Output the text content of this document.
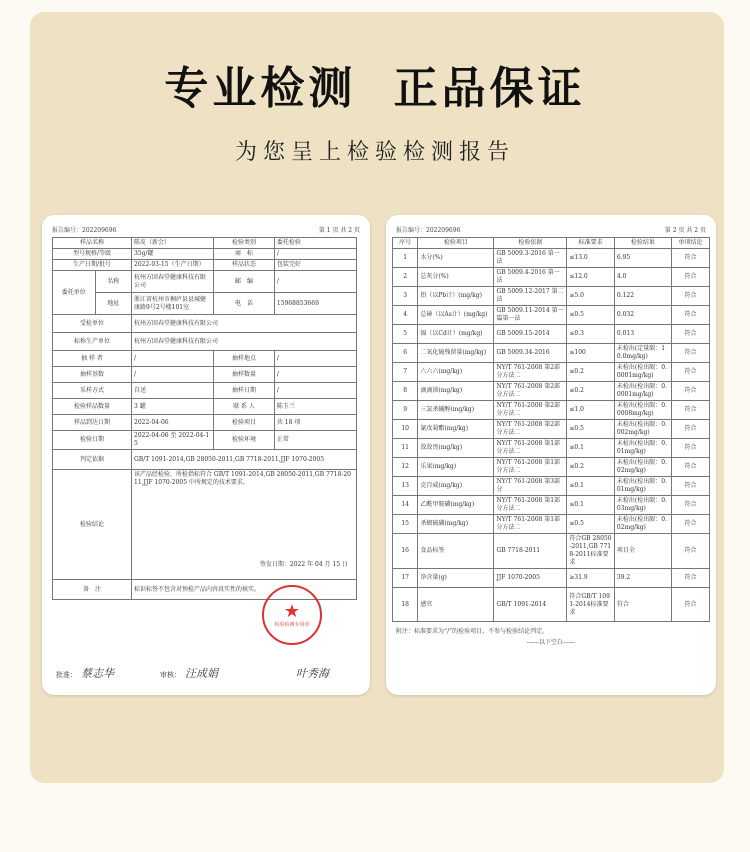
专业检测 正品保证
为您呈上检验检测报告
报告编号：202209696	第 1 页 共 2 页
样品名称		陈皮（新会）	检验类别	委托检验
型号规格/等级		35g/罐	商　标	/
生产日期/批号		2022-03-15（生产日期）	样品状态	包装完好
委托单位	名称	杭州方回春堂健康科技有限公司	邮　编	/
	地址	浙江省杭州市桐庐县县城健康路9号2号楼101室	电　话	15968853669
受检单位		杭州方回春堂健康科技有限公司		
标称生产单位		杭州方回春堂健康科技有限公司		
抽 样 者		/	抽样地点	/
抽样基数		/	抽样数量	/
采样方式		自送	抽样日期	/
检验样品数量		3 罐	联 系 人	陈玉兰
样品到达日期		2022-04-06	检验项目	共 18 项
检验日期		2022-04-06 至 2022-04-15	检验环境	正常
判定依据		GB/T 1091-2014,GB 28050-2011,GB 7718-2011,JJF 1070-2005		
检验结论		该产品经检验，所检指标符合 GB/T 1091-2014,GB 28050-2011,GB 7718-2011,JJF 1070-2005 中所规定的技术要求。
签发日期：2022 年 04 月 15 日		

备　注		标识标签不包含对预检产品内容真实性的核实。		
★
检验检测专用章
批准： 蔡志华	审核： 汪成娟	叶秀海
报告编号：202209696	第 2 页 共 2 页
序号	检验项目	检验依据	标准要求	检验结果	单项结论
1	水分(%)	GB 5009.3-2016 第一法	≤13.0	6.95	符合
2	总灰分(%)	GB 5009.4-2016 第一法	≤12.0	4.0	符合
3	铅（以Pb计）(mg/kg)	GB 5009.12-2017 第二法	≤5.0	0.122	符合
4	总砷（以As计）(mg/kg)	GB 5009.11-2014 第一篇第一法	≤0.5	0.032	符合
5	镉（以Cd计）(mg/kg)	GB 5009.15-2014	≤0.3	0.013	符合
6	二氧化硫残留量(mg/kg)	GB 5009.34-2016	≤100	未检出(定量限：10.0mg/kg)	符合
7	六六六(mg/kg)	NY/T 761-2008 第2部分方法二	≤0.2	未检出(检出限：0.0001mg/kg)	符合
8	滴滴涕(mg/kg)	NY/T 761-2008 第2部分方法二	≤0.2	未检出(检出限：0.0001mg/kg)	符合
9	三氯杀螨醇(mg/kg)	NY/T 761-2008 第2部分方法二	≤1.0	未检出(检出限：0.0008mg/kg)	符合
10	氰戊菊酯(mg/kg)	NY/T 761-2008 第2部分方法二	≤0.5	未检出(检出限：0.002mg/kg)	符合
11	敌敌畏(mg/kg)	NY/T 761-2008 第1部分方法二	≤0.1	未检出(检出限：0.01mg/kg)	符合
12	乐果(mg/kg)	NY/T 761-2008 第1部分方法二	≤0.2	未检出(检出限：0.02mg/kg)	符合
13	克百威(mg/kg)	NY/T 761-2008 第3部分	≤0.1	未检出(检出限：0.01mg/kg)	符合
14	乙酰甲胺磷(mg/kg)	NY/T 761-2008 第1部分方法二	≤0.1	未检出(检出限：0.03mg/kg)	符合
15	杀螟硫磷(mg/kg)	NY/T 761-2008 第1部分方法二	≤0.5	未检出(检出限：0.02mg/kg)	符合
16	食品标签	GB 7718-2011	符合GB 28050-2011,GB 7718-2011标准要求	项目全	符合
17	净含量(g)	JJF 1070-2005	≥31.9	39.2	符合
18	感官	GB/T 1091-2014	符合GB/T 1091-2014标准要求	符合	符合
附注：标准要求为“/”的检验项目，不参与检验结论判定。
------以下空白------
